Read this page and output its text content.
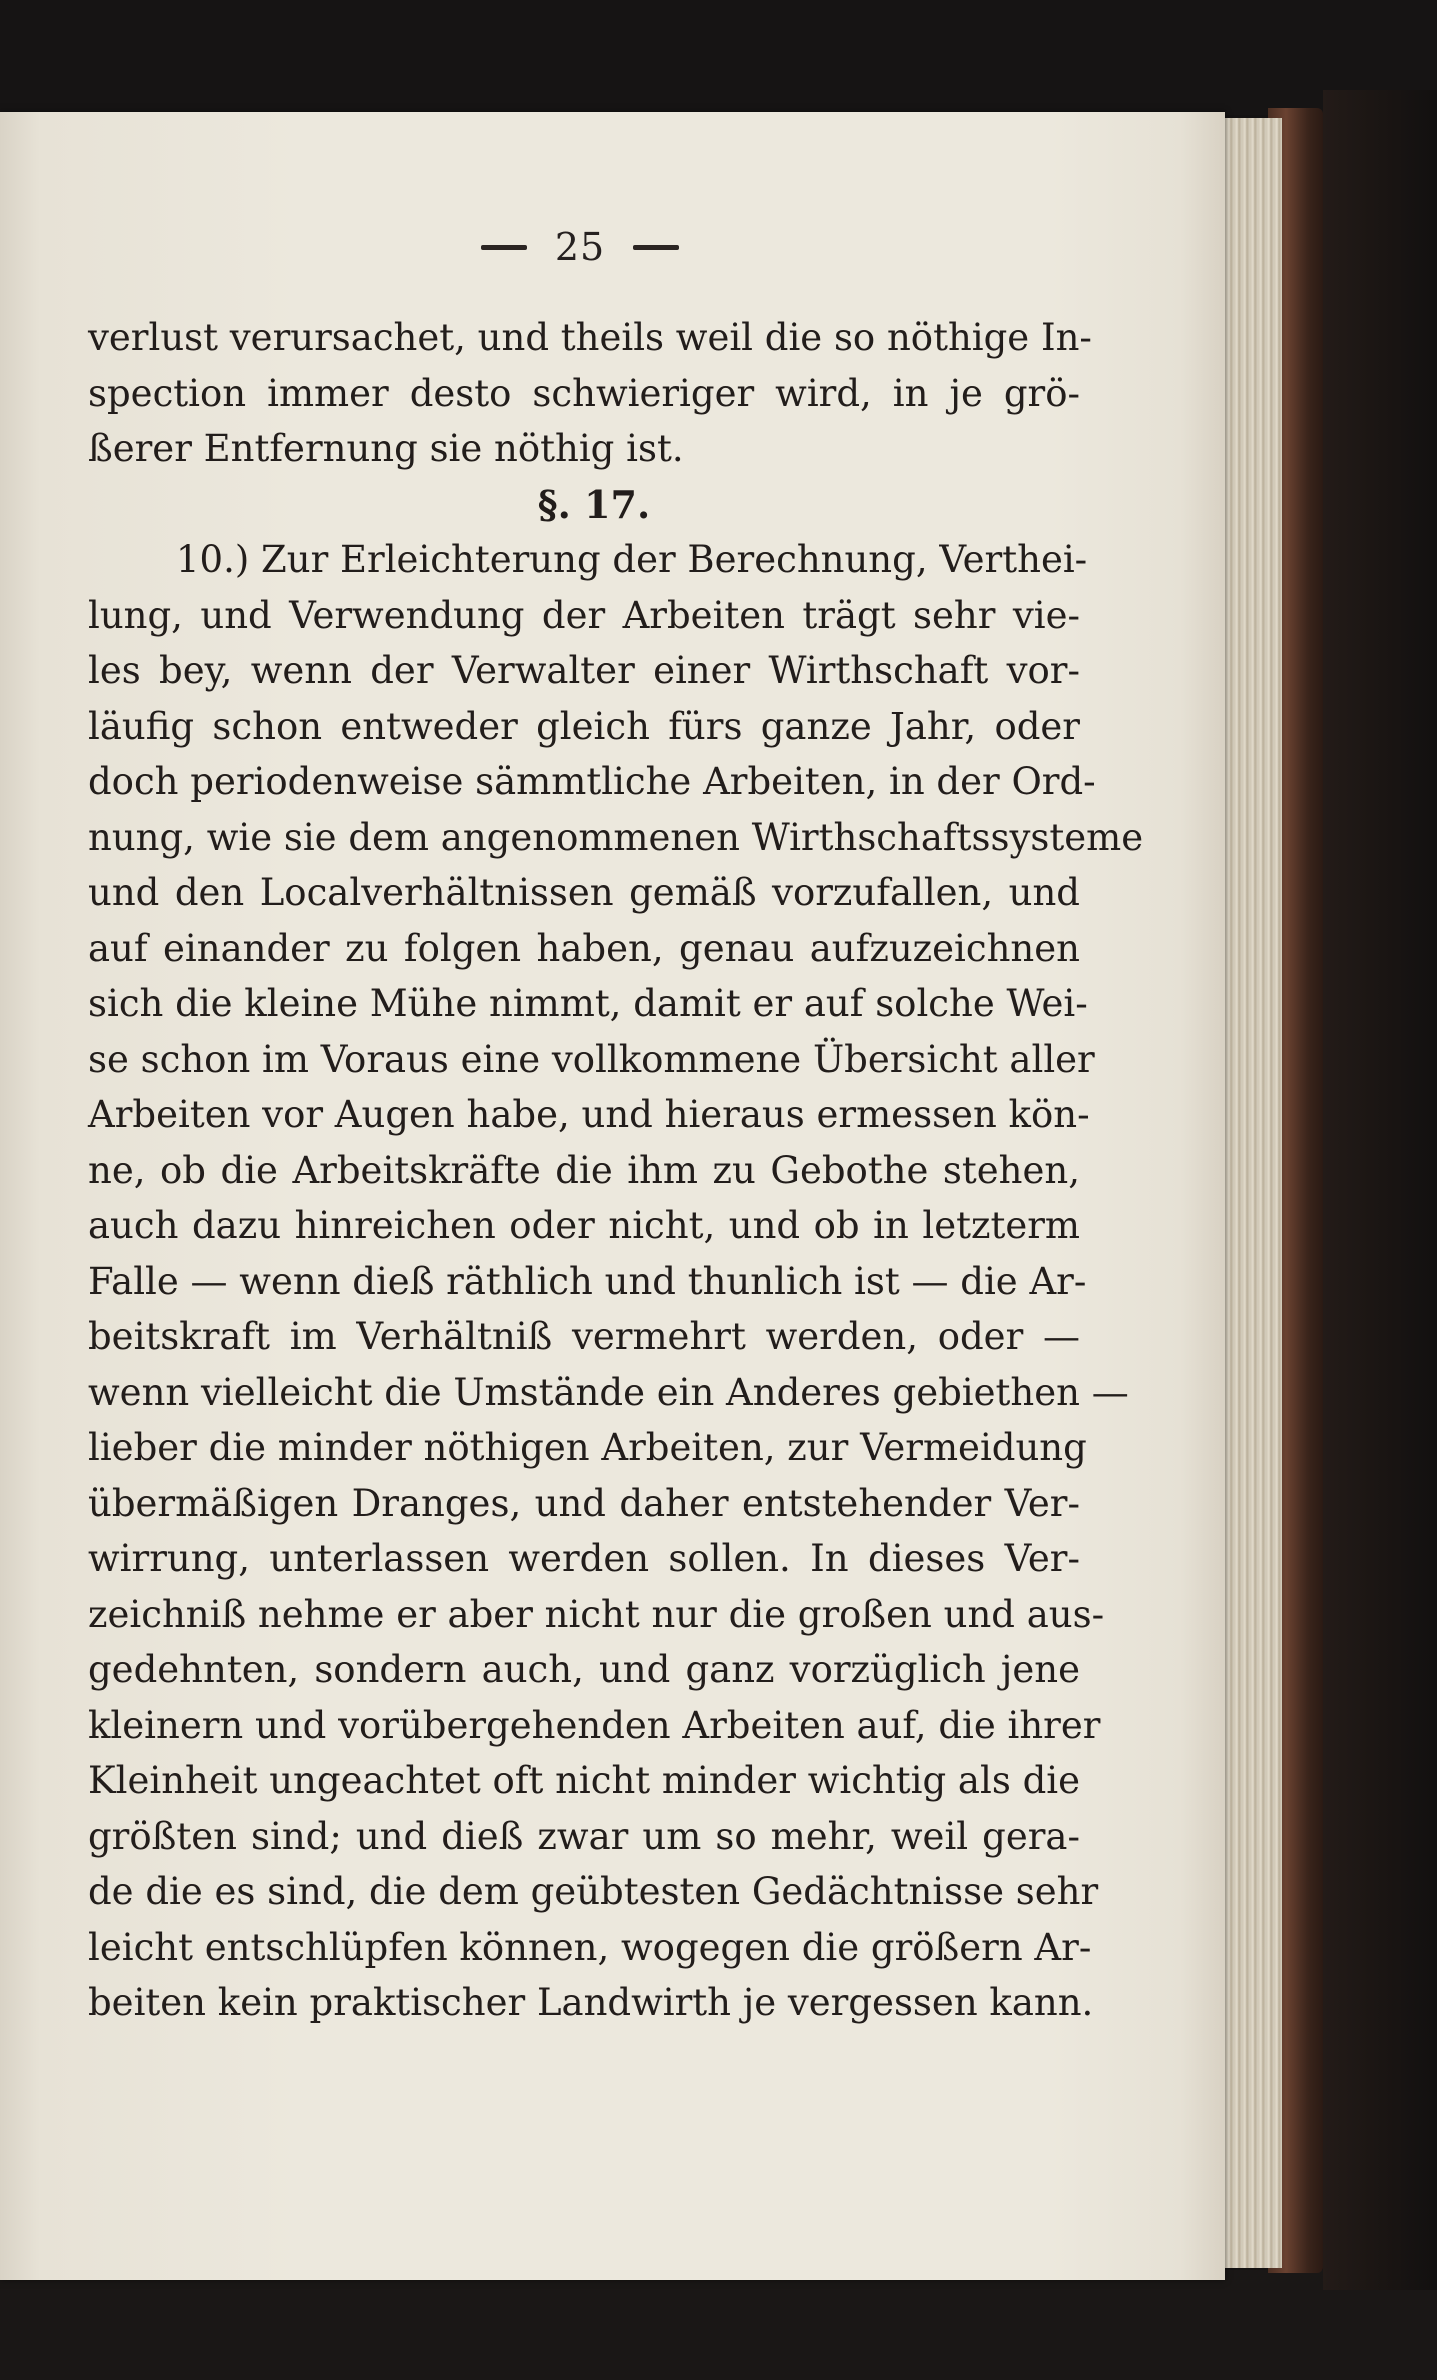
25
verlust verursachet, und theils weil die so nöthige In-
spection immer desto schwieriger wird, in je grö-
ßerer Entfernung sie nöthig ist.
§. 17.
10.) Zur Erleichterung der Berechnung, Verthei-
lung, und Verwendung der Arbeiten trägt sehr vie-
les bey, wenn der Verwalter einer Wirthschaft vor-
läufig schon entweder gleich fürs ganze Jahr, oder
doch periodenweise sämmtliche Arbeiten, in der Ord-
nung, wie sie dem angenommenen Wirthschaftssysteme
und den Localverhältnissen gemäß vorzufallen, und
auf einander zu folgen haben, genau aufzuzeichnen
sich die kleine Mühe nimmt, damit er auf solche Wei-
se schon im Voraus eine vollkommene Übersicht aller
Arbeiten vor Augen habe, und hieraus ermessen kön-
ne, ob die Arbeitskräfte die ihm zu Gebothe stehen,
auch dazu hinreichen oder nicht, und ob in letzterm
Falle — wenn dieß räthlich und thunlich ist — die Ar-
beitskraft im Verhältniß vermehrt werden, oder —
wenn vielleicht die Umstände ein Anderes gebiethen —
lieber die minder nöthigen Arbeiten, zur Vermeidung
übermäßigen Dranges, und daher entstehender Ver-
wirrung, unterlassen werden sollen. In dieses Ver-
zeichniß nehme er aber nicht nur die großen und aus-
gedehnten, sondern auch, und ganz vorzüglich jene
kleinern und vorübergehenden Arbeiten auf, die ihrer
Kleinheit ungeachtet oft nicht minder wichtig als die
größten sind; und dieß zwar um so mehr, weil gera-
de die es sind, die dem geübtesten Gedächtnisse sehr
leicht entschlüpfen können, wogegen die größern Ar-
beiten kein praktischer Landwirth je vergessen kann.
